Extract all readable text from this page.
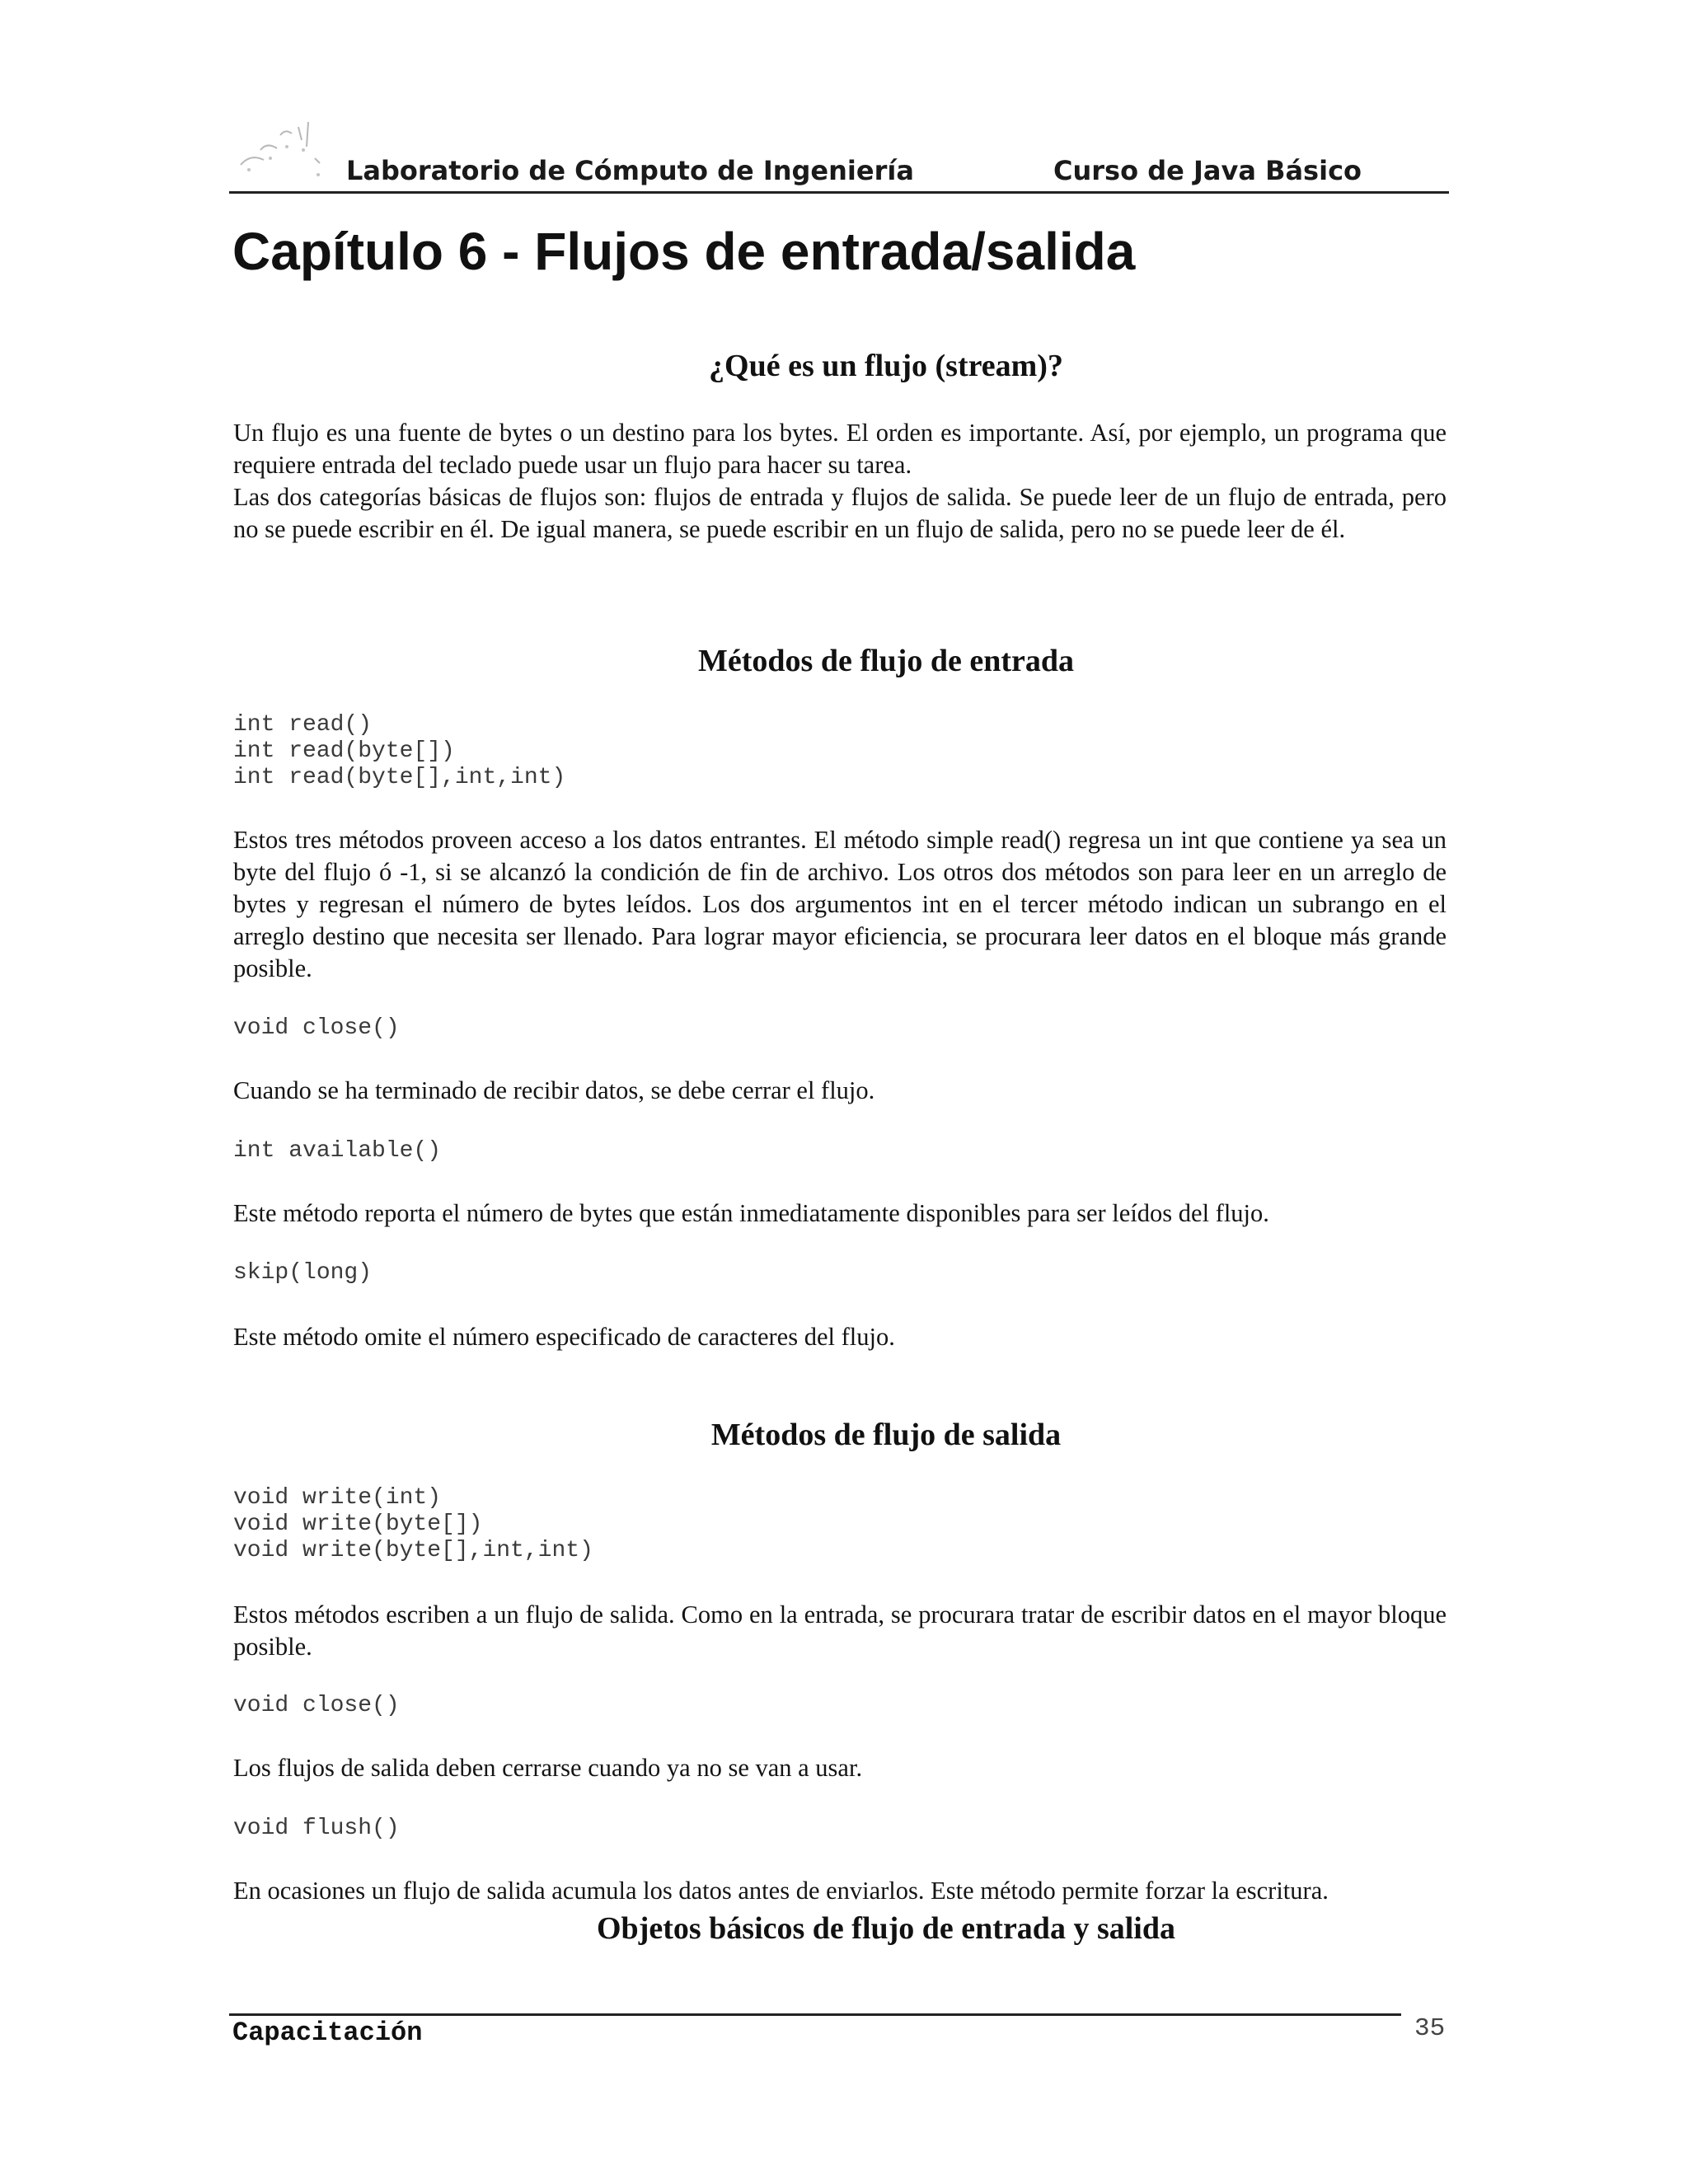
Laboratorio de Cómputo de Ingeniería	Curso de Java Básico
Capítulo 6 - Flujos de entrada/salida
¿Qué es un flujo (stream)?

Un flujo es una fuente de bytes o un destino para los bytes. El orden es importante. Así, por ejemplo, un programa que requiere entrada del teclado puede usar un flujo para hacer su tarea.

Las dos categorías básicas de flujos son: flujos de entrada y flujos de salida. Se puede leer de un flujo de entrada, pero no se puede escribir en él. De igual manera, se puede escribir en un flujo de salida, pero no se puede leer de él.

Métodos de flujo de entrada
int read()
int read(byte[])
int read(byte[],int,int)

Estos tres métodos proveen acceso a los datos entrantes. El método simple read() regresa un int que contiene ya sea un byte del flujo ó -1, si se alcanzó la condición de fin de archivo. Los otros dos métodos son para leer en un arreglo de bytes y regresan el número de bytes leídos. Los dos argumentos int en el tercer método indican un subrango en el arreglo destino que necesita ser llenado. Para lograr mayor eficiencia, se procurara leer datos en el bloque más grande posible.

void close()

Cuando se ha terminado de recibir datos, se debe cerrar el flujo.

int available()

Este método reporta el número de bytes que están inmediatamente disponibles para ser leídos del flujo.

skip(long)

Este método omite el número especificado de caracteres del flujo.

Métodos de flujo de salida
void write(int)
void write(byte[])
void write(byte[],int,int)

Estos métodos escriben a un flujo de salida. Como en la entrada, se procurara tratar de escribir datos en el mayor bloque posible.

void close()

Los flujos de salida deben cerrarse cuando ya no se van a usar.

void flush()

En ocasiones un flujo de salida acumula los datos antes de enviarlos. Este método permite forzar la escritura.

Objetos básicos de flujo de entrada y salida
Capacitación	35
